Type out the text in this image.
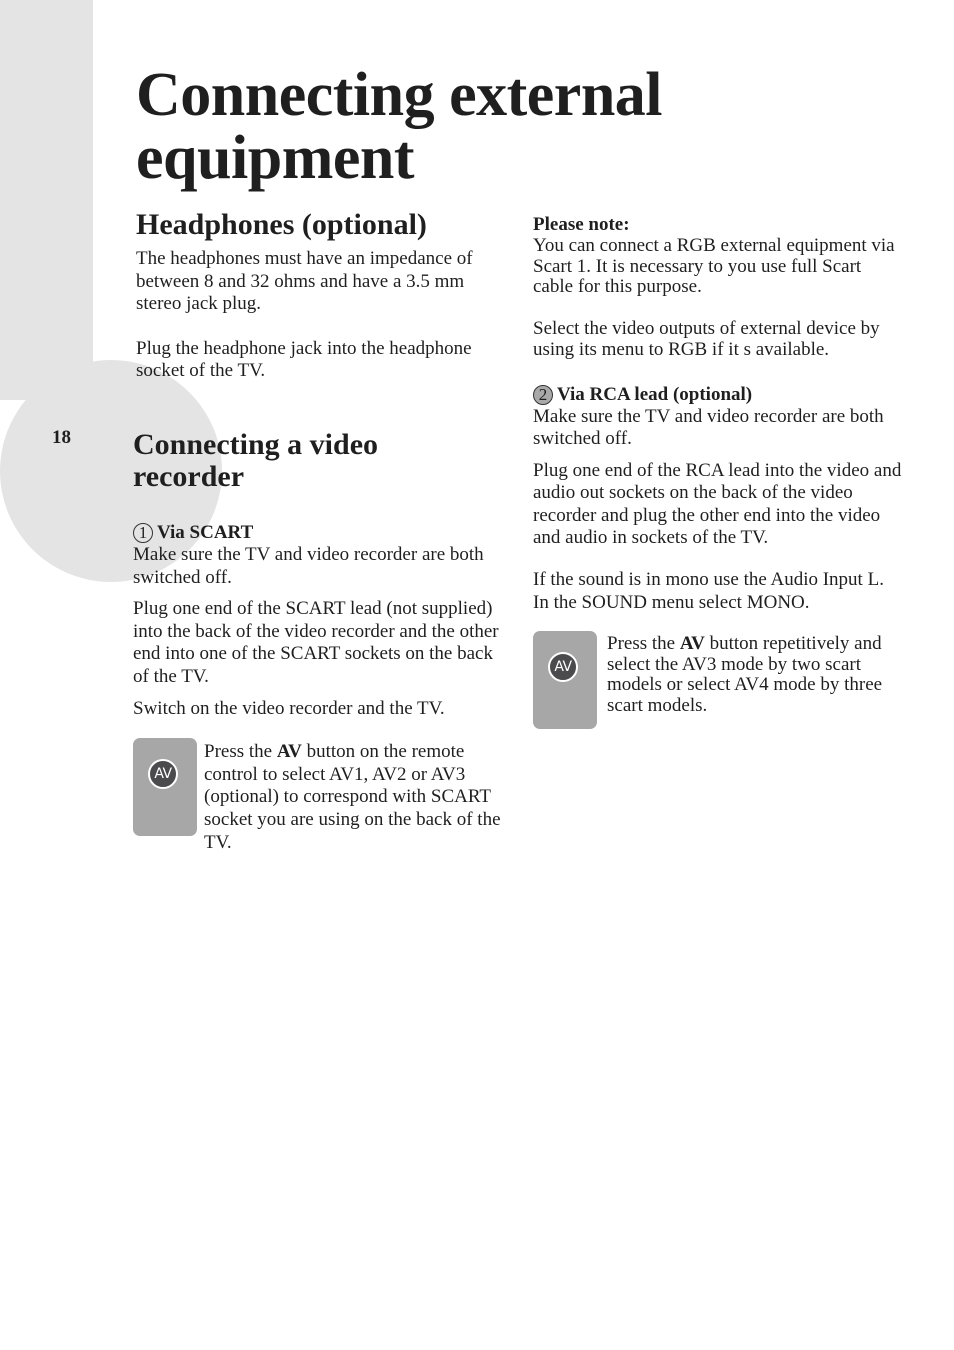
18
Connecting external
equipment
Headphones (optional)

The headphones must have an impedance of between 8 and 32 ohms and have a 3.5 mm stereo jack plug.

Plug the headphone jack into the headphone socket of the TV.

Connecting a video recorder
1 Via SCART

Make sure the TV and video recorder are both switched off.

Plug one end of the SCART lead (not supplied) into the back of the video recorder and the other end into one of the SCART sockets on the back of the TV.

Switch on the video recorder and the TV.

AV
Press the AV button on the remote control to select AV1, AV2 or AV3 (optional) to correspond with SCART socket you are using on the back of the TV.

Please note:

You can connect a RGB external equipment via Scart 1. It is necessary to you use full Scart cable for this purpose.

Select the video outputs of external device by using its menu to RGB if it s available.

2 Via RCA lead (optional)

Make sure the TV and video recorder are both switched off.

Plug one end of the RCA lead into the video and audio out sockets on the back of the video recorder and plug the other end into the video and audio in sockets of the TV.

If the sound is in mono use the Audio Input L. In the SOUND menu select MONO.

AV
Press the AV button repetitively and select the AV3 mode by two scart models or select AV4 mode by three scart models.
